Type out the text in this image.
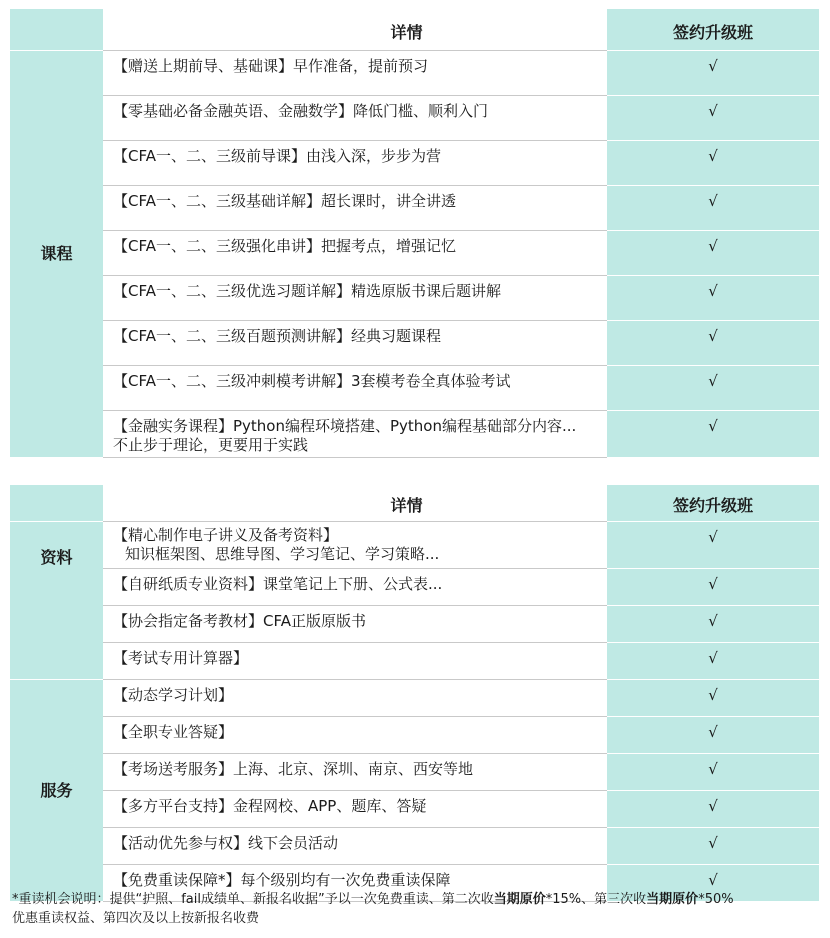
	详情	签约升级班
课程	【赠送上期前导、基础课】早作准备，提前预习	√
	【零基础必备金融英语、金融数学】降低门槛、顺利入门	√
	【CFA一、二、三级前导课】由浅入深，步步为营	√
	【CFA一、二、三级基础详解】超长课时，讲全讲透	√
	【CFA一、二、三级强化串讲】把握考点，增强记忆	√
	【CFA一、二、三级优选习题详解】精选原版书课后题讲解	√
	【CFA一、二、三级百题预测讲解】经典习题课程	√
	【CFA一、二、三级冲刺模考讲解】3套模考卷全真体验考试	√
	【金融实务课程】Python编程环境搭建、Python编程基础部分内容...
不止步于理论，更要用于实践	√
	详情	签约升级班
资料	【精心制作电子讲义及备考资料】
知识框架图、思维导图、学习笔记、学习策略...	√
	【自研纸质专业资料】课堂笔记上下册、公式表...	√
	【协会指定备考教材】CFA正版原版书	√
	【考试专用计算器】	√
服务	【动态学习计划】	√
	【全职专业答疑】	√
	【考场送考服务】上海、北京、深圳、南京、西安等地	√
	【多方平台支持】金程网校、APP、题库、答疑	√
	【活动优先参与权】线下会员活动	√
	【免费重读保障*】每个级别均有一次免费重读保障	√
*重读机会说明：提供“护照、fail成绩单、新报名收据”予以一次免费重读、第二次收当期原价*15%、第三次收当期原价*50%
优惠重读权益、第四次及以上按新报名收费
